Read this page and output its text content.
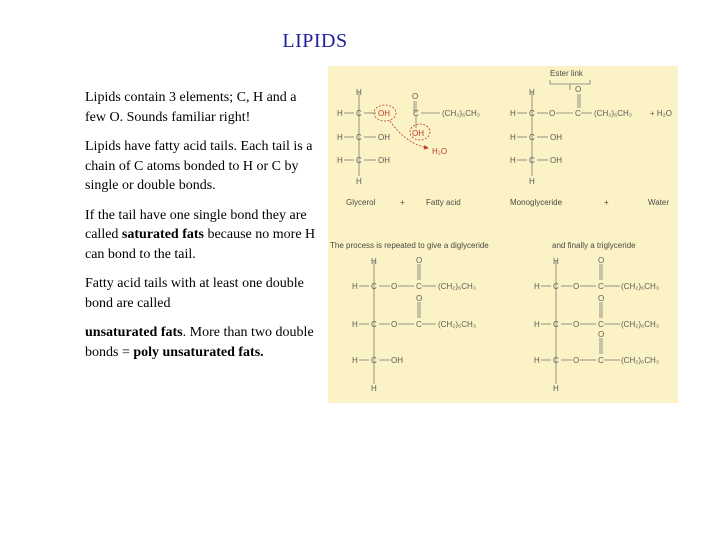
LIPIDS

Lipids contain 3 elements; C, H and a few O. Sounds familiar right!

Lipids have fatty acid tails. Each tail is a chain of C atoms bonded to H or C by single or double bonds.

If the tail have one single bond they are called saturated fats because no more H can bond to the tail.

Fatty acid tails with at least one double bond are called

unsaturated fats. More than two double bonds = poly unsaturated fats.

H
H C OH
H C OH
H C OH
H
O
C
OH
(CH₂)₆CH₃
H₂O
Ester link
H
H C O
O
C (CH₂)₆CH₃ + H₂O
H C OH
H C OH
H
Glycerol	+	Fatty acid	Monoglyceride	+	Water
The process is repeated to give a diglyceride	and finally a triglyceride
H
H C O
O
C (CH₂)₆CH₃
H C O
O
C (CH₂)₆CH₃
H C OH
H
H
H C O
O
C (CH₂)₆CH₃
H C O
O
C (CH₂)₆CH₃
H C O
O
C (CH₂)₆CH₃
H
